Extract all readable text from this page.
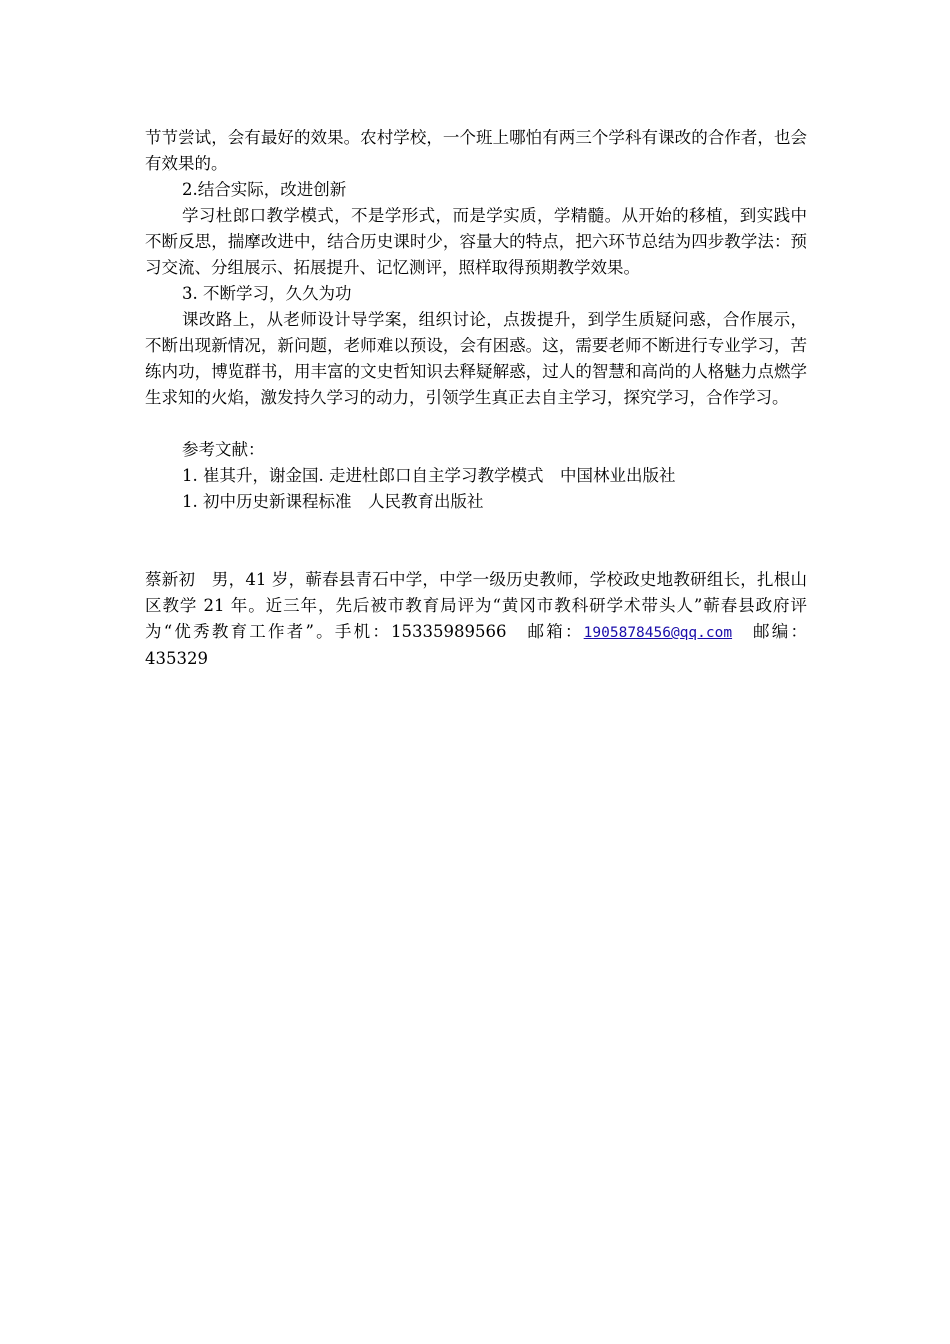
节节尝试，会有最好的效果。农村学校，一个班上哪怕有两三个学科有课改的合作者，也会有效果的。

2.结合实际，改进创新

学习杜郎口教学模式，不是学形式，而是学实质，学精髓。从开始的移植，到实践中不断反思，揣摩改进中，结合历史课时少，容量大的特点，把六环节总结为四步教学法：预习交流、分组展示、拓展提升、记忆测评，照样取得预期教学效果。

3. 不断学习，久久为功

课改路上，从老师设计导学案，组织讨论，点拨提升，到学生质疑问惑，合作展示，不断出现新情况，新问题，老师难以预设，会有困惑。这，需要老师不断进行专业学习，苦练内功，博览群书，用丰富的文史哲知识去释疑解惑，过人的智慧和高尚的人格魅力点燃学生求知的火焰，激发持久学习的动力，引领学生真正去自主学习，探究学习，合作学习。

参考文献：

1. 崔其升，谢金国. 走进杜郎口自主学习教学模式　中国林业出版社

1. 初中历史新课程标准　人民教育出版社

蔡新初　男，41 岁，蕲春县青石中学，中学一级历史教师，学校政史地教研组长，扎根山区教学 21 年。近三年，先后被市教育局评为“黄冈市教科研学术带头人”蕲春县政府评为“优秀教育工作者”。手机：15335989566　邮箱：1905878456@qq.com　邮编：435329
